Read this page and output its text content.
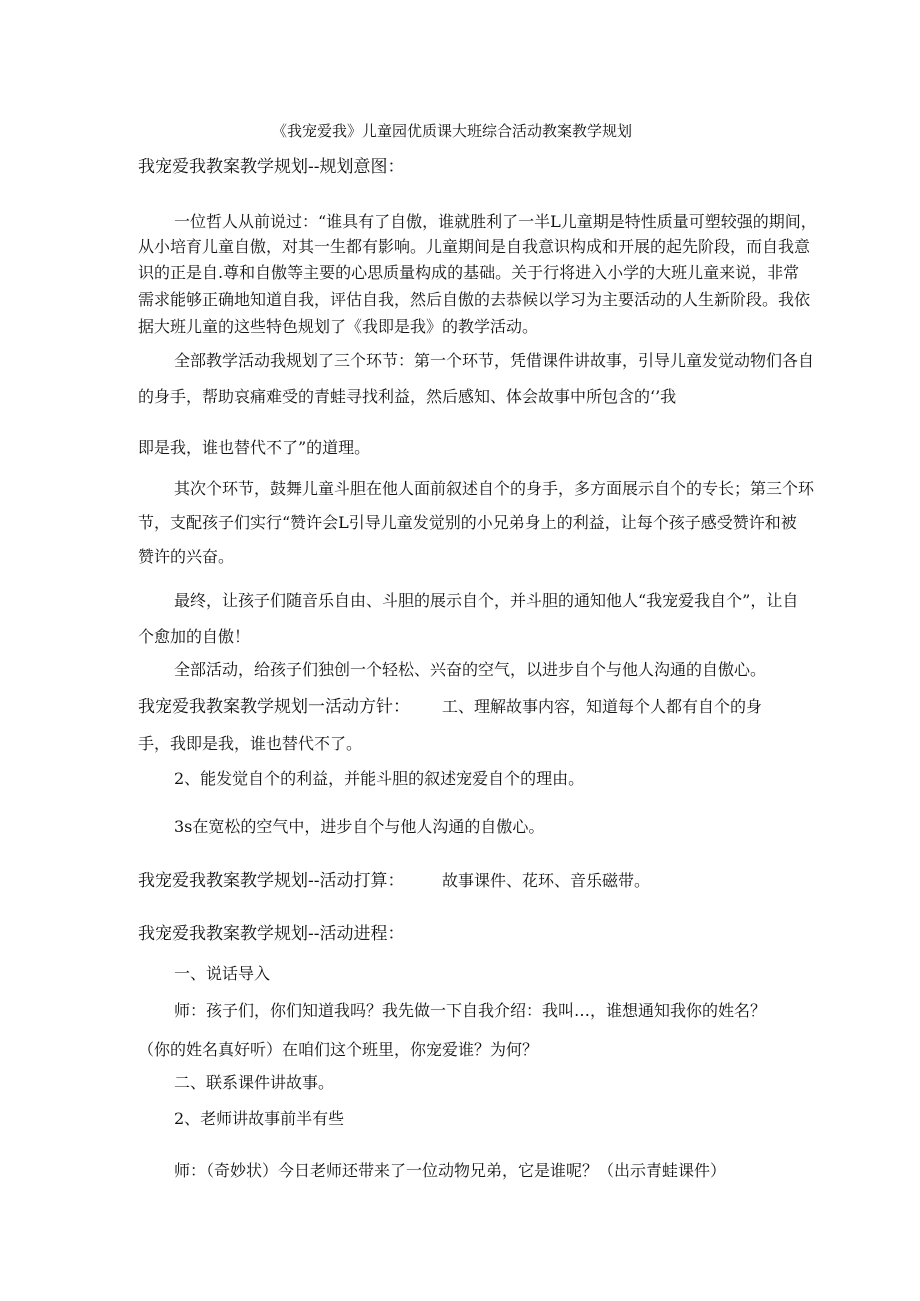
《我宠爱我》儿童园优质课大班综合活动教案教学规划
我宠爱我教案教学规划--规划意图：
一位哲人从前说过：“谁具有了自傲，谁就胜利了一半L儿童期是特性质量可塑较强的期间，
从小培育儿童自傲，对其一生都有影响。儿童期间是自我意识构成和开展的起先阶段，而自我意
识的正是自.尊和自傲等主要的心思质量构成的基础。关于行将进入小学的大班儿童来说，非常
需求能够正确地知道自我，评估自我，然后自傲的去恭候以学习为主要活动的人生新阶段。我依
据大班儿童的这些特色规划了《我即是我》的教学活动。
全部教学活动我规划了三个环节：第一个环节，凭借课件讲故事，引导儿童发觉动物们各自
的身手，帮助哀痛难受的青蛙寻找利益，然后感知、体会故事中所包含的‘’我
即是我，谁也替代不了”的道理。
其次个环节，鼓舞儿童斗胆在他人面前叙述自个的身手，多方面展示自个的专长；第三个环
节，支配孩子们实行“赞许会L引导儿童发觉别的小兄弟身上的利益，让每个孩子感受赞许和被
赞许的兴奋。
最终，让孩子们随音乐自由、斗胆的展示自个，并斗胆的通知他人“我宠爱我自个”，让自
个愈加的自傲！
全部活动，给孩子们独创一个轻松、兴奋的空气，以进步自个与他人沟通的自傲心。
我宠爱我教案教学规划一活动方针： 工、理解故事内容，知道每个人都有自个的身
手，我即是我，谁也替代不了。
2、能发觉自个的利益，并能斗胆的叙述宠爱自个的理由。
3s在宽松的空气中，进步自个与他人沟通的自傲心。
我宠爱我教案教学规划--活动打算： 故事课件、花环、音乐磁带。
我宠爱我教案教学规划--活动进程：
一、说话导入
师：孩子们，你们知道我吗？我先做一下自我介绍：我叫…，谁想通知我你的姓名？
（你的姓名真好听）在咱们这个班里，你宠爱谁？为何？
二、联系课件讲故事。
2、老师讲故事前半有些
师：（奇妙状）今日老师还带来了一位动物兄弟，它是谁呢？（出示青蛙课件）
